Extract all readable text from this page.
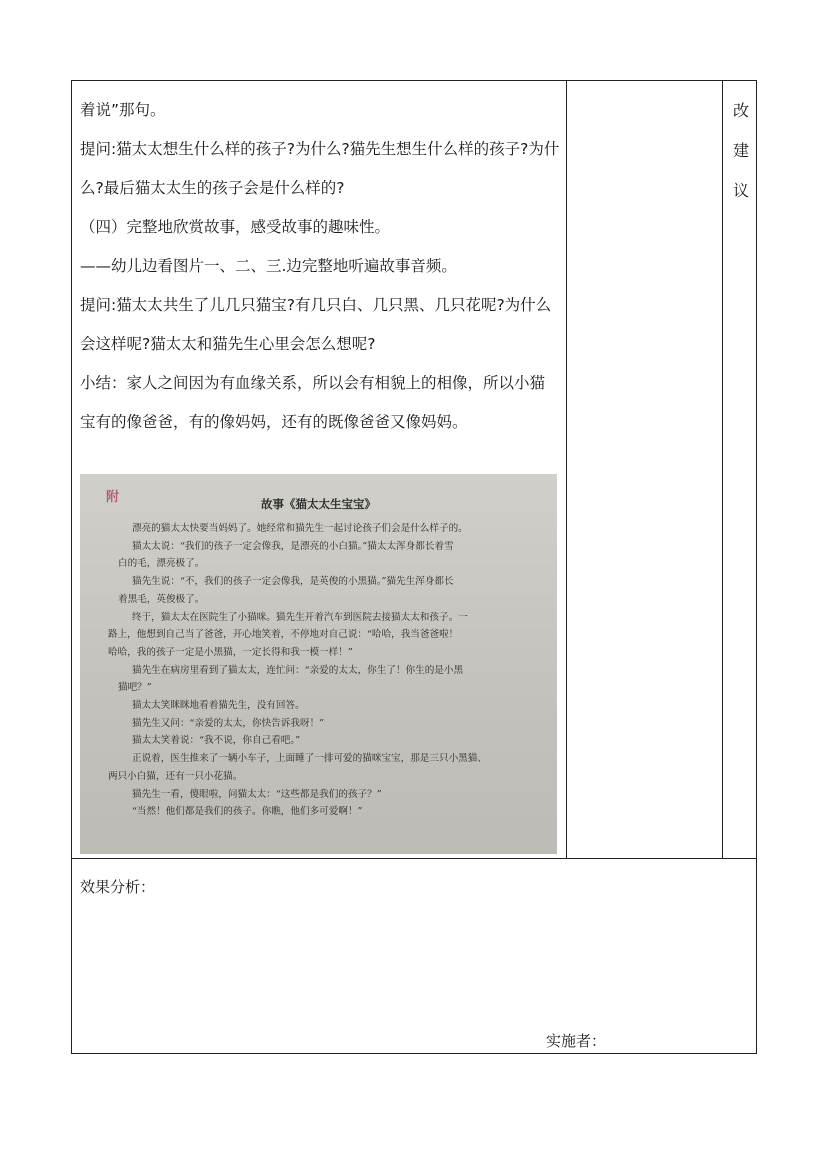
着说”那句。

提问:猫太太想生什么样的孩子?为什么?猫先生想生什么样的孩子?为什么?最后猫太太生的孩子会是什么样的?

（四）完整地欣赏故事，感受故事的趣味性。

——幼儿边看图片一、二、三.边完整地听遍故事音频。

提问:猫太太共生了儿几只猫宝?有几只白、几只黑、几只花呢?为什么会这样呢?猫太太和猫先生心里会怎么想呢?

小结：家人之间因为有血缘关系，所以会有相貌上的相像，所以小猫宝有的像爸爸，有的像妈妈，还有的既像爸爸又像妈妈。

附	故事《猫太太生宝宝》
漂亮的猫太太快要当妈妈了。她经常和猫先生一起讨论孩子们会是什么样子的。
猫太太说：“我们的孩子一定会像我，是漂亮的小白猫。”猫太太浑身都长着雪
白的毛，漂亮极了。
猫先生说：“不，我们的孩子一定会像我，是英俊的小黑猫。”猫先生浑身都长
着黑毛，英俊极了。
终于，猫太太在医院生了小猫咪。猫先生开着汽车到医院去接猫太太和孩子。一
路上，他想到自己当了爸爸，开心地笑着，不停地对自己说：“哈哈，我当爸爸啦！
哈哈，我的孩子一定是小黑猫，一定长得和我一模一样！”
猫先生在病房里看到了猫太太，连忙问：“亲爱的太太，你生了！你生的是小黑
猫吧？”
猫太太笑眯眯地看着猫先生，没有回答。
猫先生又问：“亲爱的太太，你快告诉我呀！”
猫太太笑着说：“我不说，你自己看吧。”
正说着，医生推来了一辆小车子，上面睡了一排可爱的猫咪宝宝，那是三只小黑猫、
两只小白猫，还有一只小花猫。
猫先生一看，傻眼啦，问猫太太：“这些都是我们的孩子？”
“当然！他们都是我们的孩子。你瞧，他们多可爱啊！”
改
建
议
效果分析：
实施者：
